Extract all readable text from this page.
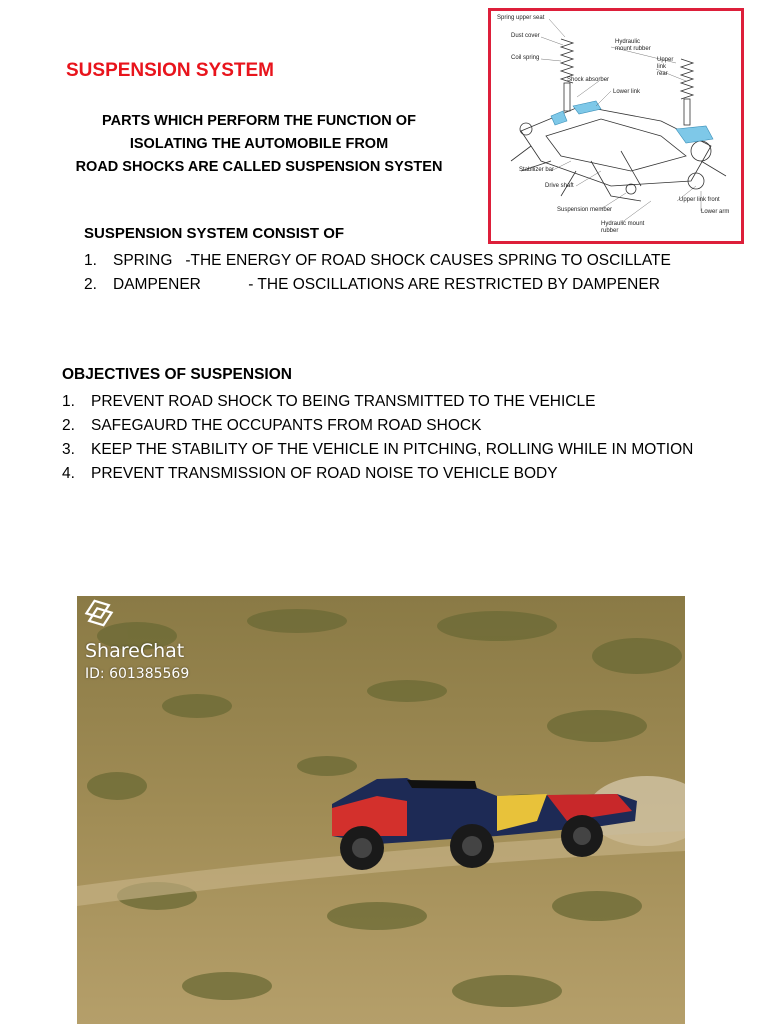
SUSPENSION SYSTEM
PARTS WHICH PERFORM THE FUNCTION OF
ISOLATING THE AUTOMOBILE FROM
ROAD SHOCKS ARE CALLED SUSPENSION SYSTEN
SUSPENSION SYSTEM CONSIST OF
1. SPRING   -THE ENERGY OF ROAD SHOCK CAUSES SPRING TO OSCILLATE
2. DAMPENER           - THE OSCILLATIONS ARE RESTRICTED BY DAMPENER
OBJECTIVES OF SUSPENSION
1. PREVENT ROAD SHOCK TO BEING TRANSMITTED TO THE VEHICLE
2. SAFEGAURD THE OCCUPANTS FROM ROAD SHOCK
3. KEEP THE STABILITY OF THE VEHICLE IN PITCHING, ROLLING WHILE IN MOTION
4. PREVENT TRANSMISSION OF ROAD NOISE TO VEHICLE BODY
Spring upper seat
Dust cover
Coil spring
Hydraulic mount rubber
Upper link rear
Shock absorber
Lower link
Stabilizer bar
Drive shaft
Upper link front
Suspension member	Lower arm
Hydraulic mount rubber
ShareChat
ID: 601385569
